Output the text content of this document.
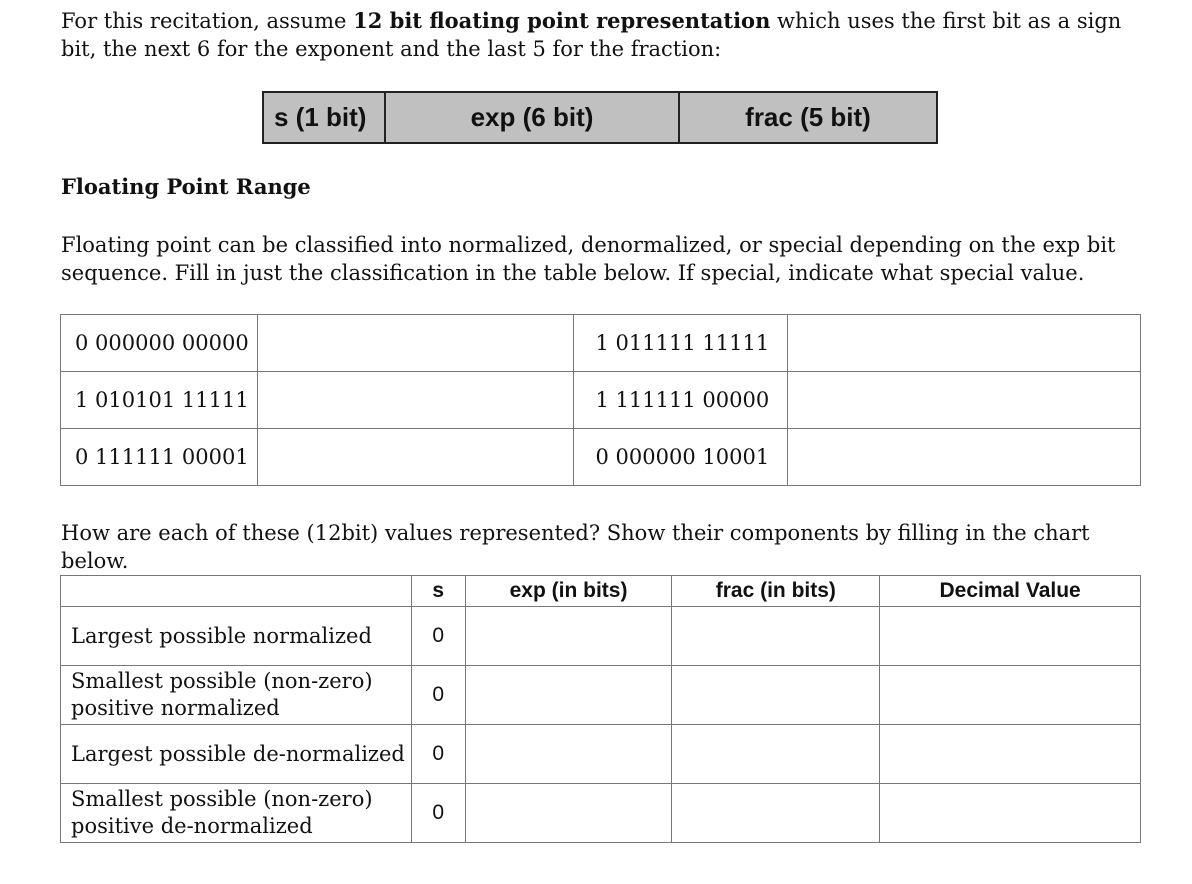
For this recitation, assume 12 bit floating point representation which uses the first bit as a sign bit, the next 6 for the exponent and the last 5 for the fraction:

s (1 bit)	exp (6 bit)	frac (5 bit)
Floating Point Range

Floating point can be classified into normalized, denormalized, or special depending on the exp bit sequence. Fill in just the classification in the table below. If special, indicate what special value.

0 000000 00000		1 011111 11111	
1 010101 11111		1 111111 00000	
0 111111 00001		0 000000 10001	

How are each of these (12bit) values represented? Show their components by filling in the chart below.

	s	exp (in bits)	frac (in bits)	Decimal Value
Largest possible normalized	0			
Smallest possible (non-zero) positive normalized	0			
Largest possible de-normalized	0			
Smallest possible (non-zero) positive de-normalized	0			
